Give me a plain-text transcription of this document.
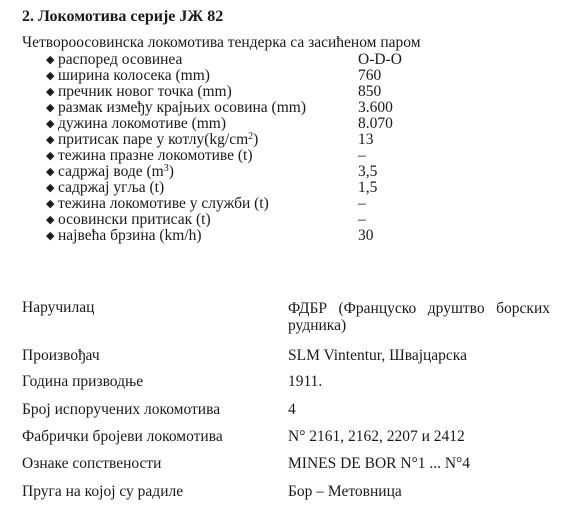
2. Локомотива серије ЈЖ 82
Четвороосовинска локомотива тендерка са засићеном паром
◆ распоред осовинеа	O-D-O
◆ ширина колосека (mm)	760
◆ пречник новог точка (mm)	850
◆ размак између крајњих осовина (mm)	3.600
◆ дужина локомотиве (mm)	8.070
◆ притисак паре у $котлу(kg/cm^2)$	13
◆ тежина празне локомотиве (t)	–
◆ садржај воде $(m^3)$	3,5
◆ садржај угља (t)	1,5
◆ тежина локомотиве у служби (t)	–
◆ осовински притисак (t)	–
◆ највећа брзина (km/h)	30
Наручилац	ФДБР (Француско друштво борских рудника)
Произвођач	SLM Vintentur, Швајцарска
Година призводње	1911.
Број испоручених локомотива	4
Фабрички бројеви локомотива	N° 2161, 2162, 2207 и 2412
Ознаке сопствености	MINES DE BOR N°1 ... N°4
Пруга на којој су радиле	Бор – Метовница
